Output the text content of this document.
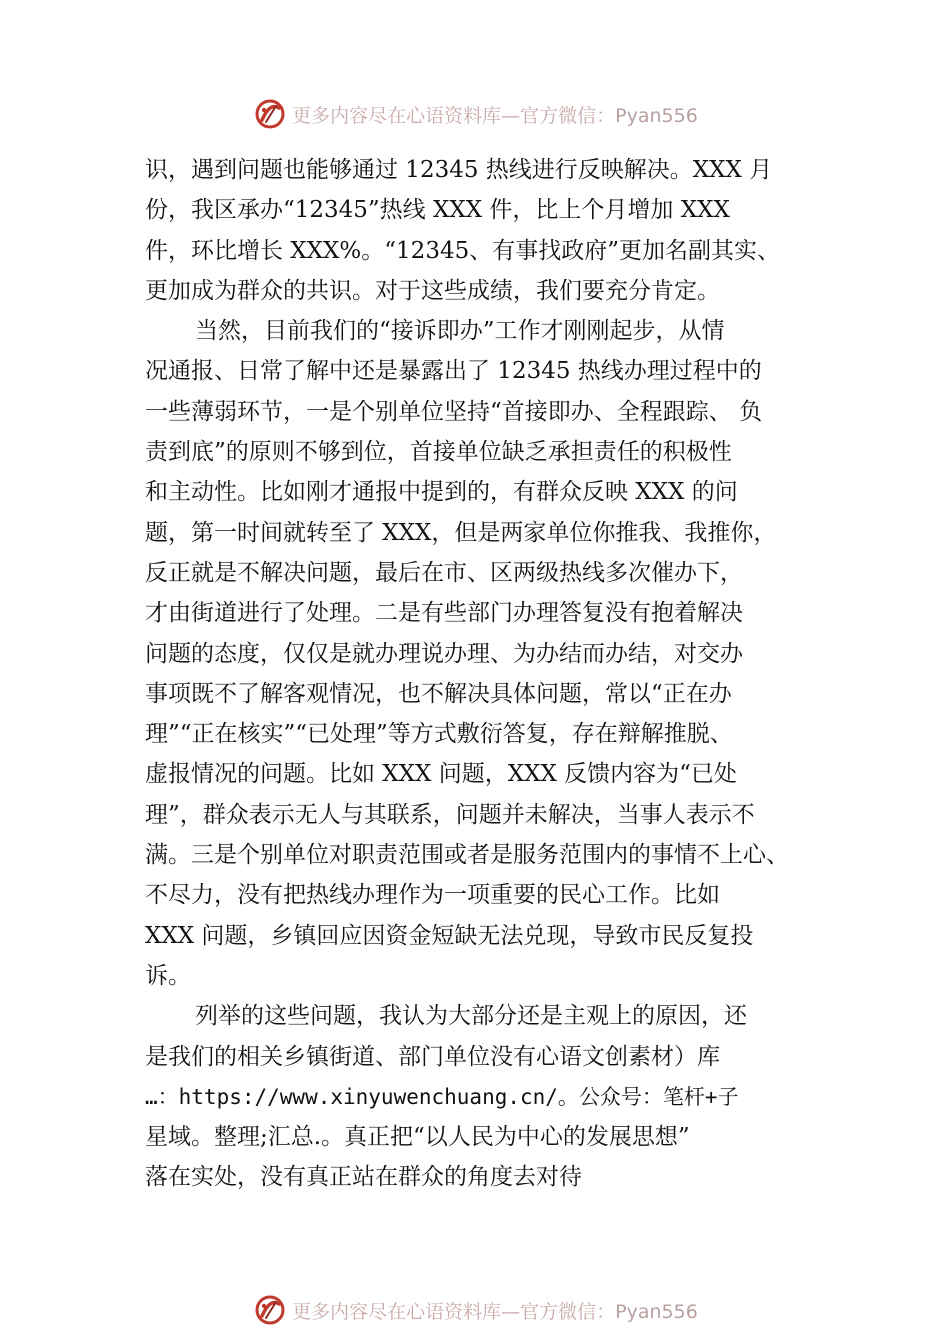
更多内容尽在心语资料库—官方微信：Pyan556
识，遇到问题也能够通过 12345 热线进行反映解决。XXX 月
份，我区承办“12345”热线 XXX 件，比上个月增加 XXX
件，环比增长 XXX%。“12345、有事找政府”更加名副其实、
更加成为群众的共识。对于这些成绩，我们要充分肯定。
当然，目前我们的“接诉即办”工作才刚刚起步，从情
况通报、日常了解中还是暴露出了 12345 热线办理过程中的
一些薄弱环节，一是个别单位坚持“首接即办、全程跟踪、 负
责到底”的原则不够到位，首接单位缺乏承担责任的积极性
和主动性。比如刚才通报中提到的，有群众反映 XXX 的问
题，第一时间就转至了 XXX，但是两家单位你推我、我推你，
反正就是不解决问题，最后在市、区两级热线多次催办下，
才由街道进行了处理。二是有些部门办理答复没有抱着解决
问题的态度，仅仅是就办理说办理、为办结而办结，对交办
事项既不了解客观情况，也不解决具体问题，常以“正在办
理”“正在核实”“已处理”等方式敷衍答复，存在辩解推脱、
虚报情况的问题。比如 XXX 问题，XXX 反馈内容为“已处
理”，群众表示无人与其联系，问题并未解决，当事人表示不
满。三是个别单位对职责范围或者是服务范围内的事情不上心、
不尽力，没有把热线办理作为一项重要的民心工作。比如
XXX 问题，乡镇回应因资金短缺无法兑现，导致市民反复投
诉。
列举的这些问题，我认为大部分还是主观上的原因，还
是我们的相关乡镇街道、部门单位没有心语文创素材）库
…：https://www.xinyuwenchuang.cn/。公众号：笔杆+子
星域。整理;汇总.。真正把“以人民为中心的发展思想”
落在实处，没有真正站在群众的角度去对待
更多内容尽在心语资料库—官方微信：Pyan556
